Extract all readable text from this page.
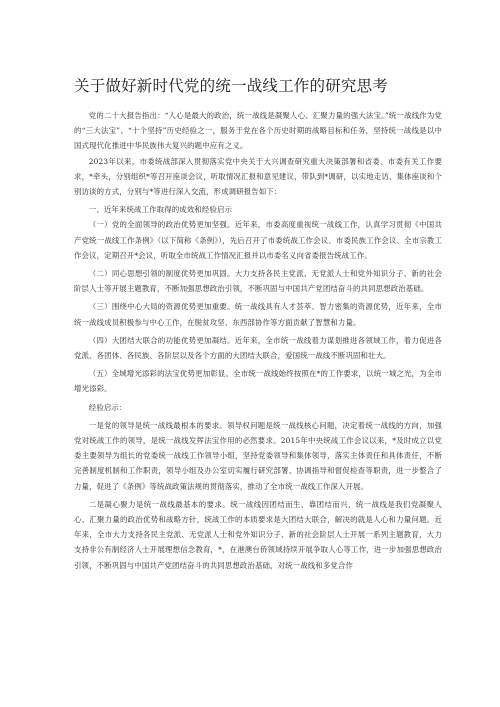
关于做好新时代党的统一战线工作的研究思考

党的二十大报告指出：“人心是最大的政治，统一战线是凝聚人心、汇聚力量的强大法宝。”统一战线作为党的“三大法宝”、“十个坚持”历史经验之一，服务于党在各个历史时期的战略目标和任务，坚持统一战线是以中国式现代化推进中华民族伟大复兴的题中应有之义。

2023年以来，市委统战部深入贯彻落实党中央关于大兴调查研究重大决策部署和省委、市委有关工作要求，*牵头，分别组织*等召开座谈会议，听取情况汇报和意见建议，带队到*调研，以实地走访、集体座谈和个别访谈的方式，分别与*等进行深入交流，形成调研报告如下：

一、近年来统战工作取得的成效和经验启示

（一）党的全面领导的政治优势更加坚强。近年来，市委高度重视统一战线工作，认真学习贯彻《中国共产党统一战线工作条例》（以下简称《条例》），先后召开了市委统战工作会议、市委民族工作会议、全市宗教工作会议，定期召开*会议，听取全市统战工作情况汇报并以市委名义向省委报告统战工作。

（二）同心思想引领的制度优势更加巩固。大力支持各民主党派、无党派人士和党外知识分子、新的社会阶层人士等开展主题教育，不断加强思想政治引领，不断巩固与中国共产党团结奋斗的共同思想政治基础。

（三）围绕中心大局的资源优势更加重要。统一战线具有人才荟萃、智力密集的资源优势，近年来，全市统一战线成员积极参与中心工作，在脱贫攻坚、东西部协作等方面贡献了智慧和力量。

（四）大团结大联合的功能优势更加凝结。近年来，全市统一战线着力谋划推进各领域工作，着力促进各党派、各团体、各民族、各阶层以及各个方面的大团结大联合，爱国统一战线不断巩固和壮大。

（五）全域增光添彩的法宝优势更加彰显。全市统一战线始终按照在*的工作要求，以统一城之光，为全市增光添彩。

经验启示：

一是党的领导是统一战线最根本的要求。领导权问题是统一战线核心问题，决定着统一战线的方向，加强党对统战工作的领导，是统一战线发挥法宝作用的必然要求。2015年中央统战工作会议以来，*及时成立以党委主要领导为组长的党委统一战线工作领导小组，坚持党委领导和集体领导，落实主体责任和具体责任，不断完善制度机制和工作职责，领导小组及办公室切实履行研究部署、协调指导和督促检查等职责，进一步整合了力量，促进了《条例》等统战政策法规的贯彻落实，推动了全市统一战线工作深入开展。

二是凝心聚力是统一战线最基本的要求。统一战线因团结而生、靠团结而兴，统一战线是我们党凝聚人心、汇聚力量的政治优势和战略方针，统战工作的本质要求是大团结大联合，解决的就是人心和力量问题。近年来，全市大力支持各民主党派、无党派人士和党外知识分子、新的社会阶层人士开展一系列主题教育，大力支持非公有制经济人士开展理想信念教育，*，在港澳台侨领域持续开展争取人心等工作，进一步加强思想政治引领，不断巩固与中国共产党团结奋斗的共同思想政治基础，对统一战线和多党合作
